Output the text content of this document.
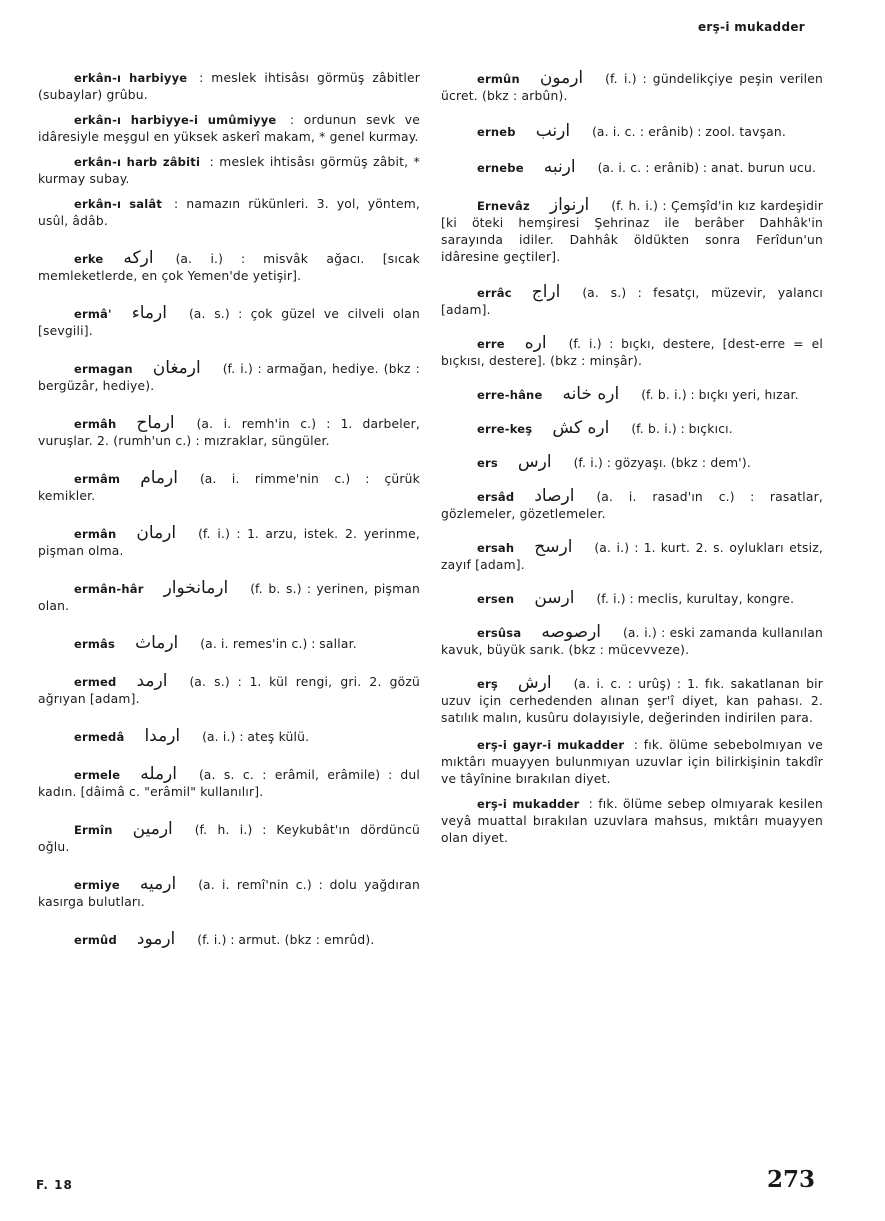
erş-i mukadder
erkân-ı harbiyye : meslek ihtisâsı görmüş zâbitler (subaylar) grûbu.
erkân-ı harbiyye-i umûmiyye : ordunun sevk ve idâresiyle meşgul en yüksek askerî makam, * genel kurmay.
erkân-ı harb zâbiti : meslek ihtisâsı görmüş zâbit, * kurmay subay.
erkân-ı salât : namazın rükünleri. 3. yol, yöntem, usûl, âdâb.
erke ارکه (a. i.) : misvâk ağacı. [sıcak memleketlerde, en çok Yemen'de yetişir].
ermâ' ارماء (a. s.) : çok güzel ve cilveli olan [sevgili].
ermagan ارمغان (f. i.) : armağan, hediye. (bkz : bergüzâr, hediye).
ermâh ارماح (a. i. remh'in c.) : 1. darbeler, vuruşlar. 2. (rumh'un c.) : mızraklar, süngüler.
ermâm ارمام (a. i. rimme'nin c.) : çürük kemikler.
ermân ارمان (f. i.) : 1. arzu, istek. 2. yerinme, pişman olma.
ermân-hâr ارمانخوار (f. b. s.) : yerinen, pişman olan.
ermâs ارماث (a. i. remes'in c.) : sallar.
ermed ارمد (a. s.) : 1. kül rengi, gri. 2. gözü ağrıyan [adam].
ermedâ ارمدا (a. i.) : ateş külü.
ermele ارمله (a. s. c. : erâmil, erâmile) : dul kadın. [dâimâ c. "erâmil" kullanılır].
Ermîn ارمین (f. h. i.) : Keykubât'ın dördüncü oğlu.
ermiye ارمیه (a. i. remî'nin c.) : dolu yağdıran kasırga bulutları.
ermûd ارمود (f. i.) : armut. (bkz : emrûd).
ermûn ارمون (f. i.) : gündelikçiye peşin verilen ücret. (bkz : arbûn).
erneb ارنب (a. i. c. : erânib) : zool. tavşan.
ernebe ارنبه (a. i. c. : erânib) : anat. burun ucu.
Ernevâz ارنواز (f. h. i.) : Çemşîd'in kız kardeşidir [ki öteki hemşiresi Şehrinaz ile berâber Dahhâk'in sarayında idiler. Dahhâk öldükten sonra Ferîdun'un idâresine geçtiler].
errâc اراج (a. s.) : fesatçı, müzevir, yalancı [adam].
erre اره (f. i.) : bıçkı, destere, [dest-erre = el bıçkısı, destere]. (bkz : minşâr).
erre-hâne اره خانه (f. b. i.) : bıçkı yeri, hızar.
erre-keş اره کش (f. b. i.) : bıçkıcı.
ers ارس (f. i.) : gözyaşı. (bkz : dem').
ersâd ارصاد (a. i. rasad'ın c.) : rasatlar, gözlemeler, gözetlemeler.
ersah ارسح (a. i.) : 1. kurt. 2. s. oylukları etsiz, zayıf [adam].
ersen ارسن (f. i.) : meclis, kurultay, kongre.
ersûsa ارصوصه (a. i.) : eski zamanda kullanılan kavuk, büyük sarık. (bkz : mücevveze).
erş ارش (a. i. c. : urûş) : 1. fık. sakatlanan bir uzuv için cerhedenden alınan şer'î diyet, kan pahası. 2. satılık malın, kusûru dolayısiyle, değerinden indirilen para.
erş-i gayr-i mukadder : fık. ölüme sebebolmıyan ve mıktârı muayyen bulunmıyan uzuvlar için bilirkişinin takdîr ve tâyînine bırakılan diyet.
erş-i mukadder : fık. ölüme sebep olmıyarak kesilen veyâ muattal bırakılan uzuvlara mahsus, mıktârı muayyen olan diyet.
F. 18	273
